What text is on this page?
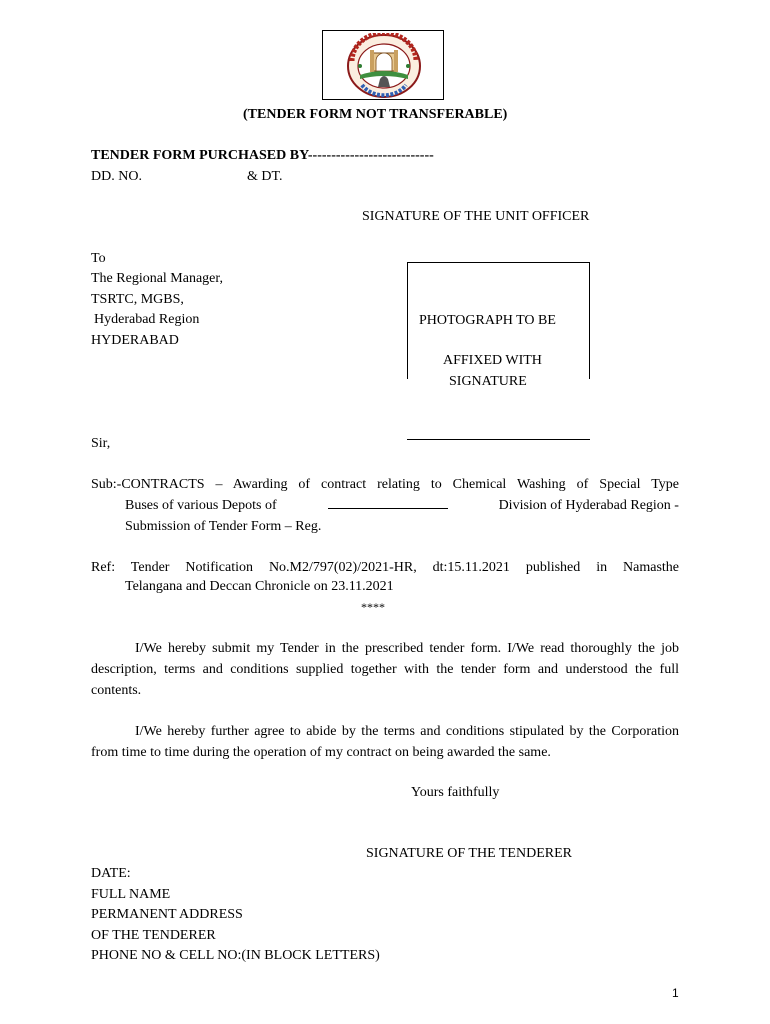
(TENDER FORM NOT TRANSFERABLE)
TENDER FORM PURCHASED BY---------------------------
DD. NO.	& DT.
SIGNATURE OF THE UNIT OFFICER
To
The Regional Manager,
TSRTC, MGBS,
Hyderabad Region
HYDERABAD
PHOTOGRAPH TO BE
AFFIXED WITH
SIGNATURE
Sir,
Sub:-CONTRACTS – Awarding of contract relating to Chemical Washing of Special Type
Buses of various Depots of	Division of Hyderabad Region -
Submission of Tender Form – Reg.
Ref: Tender Notification No.M2/797(02)/2021-HR, dt:15.11.2021 published in Namasthe
Telangana and Deccan Chronicle on 23.11.2021
****
I/We hereby submit my Tender in the prescribed tender form. I/We read thoroughly the job description, terms and conditions supplied together with the tender form and understood the full contents.
I/We hereby further agree to abide by the terms and conditions stipulated by the Corporation from time to time during the operation of my contract on being awarded the same.
Yours faithfully
SIGNATURE OF THE TENDERER
DATE:
FULL NAME
PERMANENT ADDRESS
OF THE TENDERER
PHONE NO & CELL NO:(IN BLOCK LETTERS)
1
